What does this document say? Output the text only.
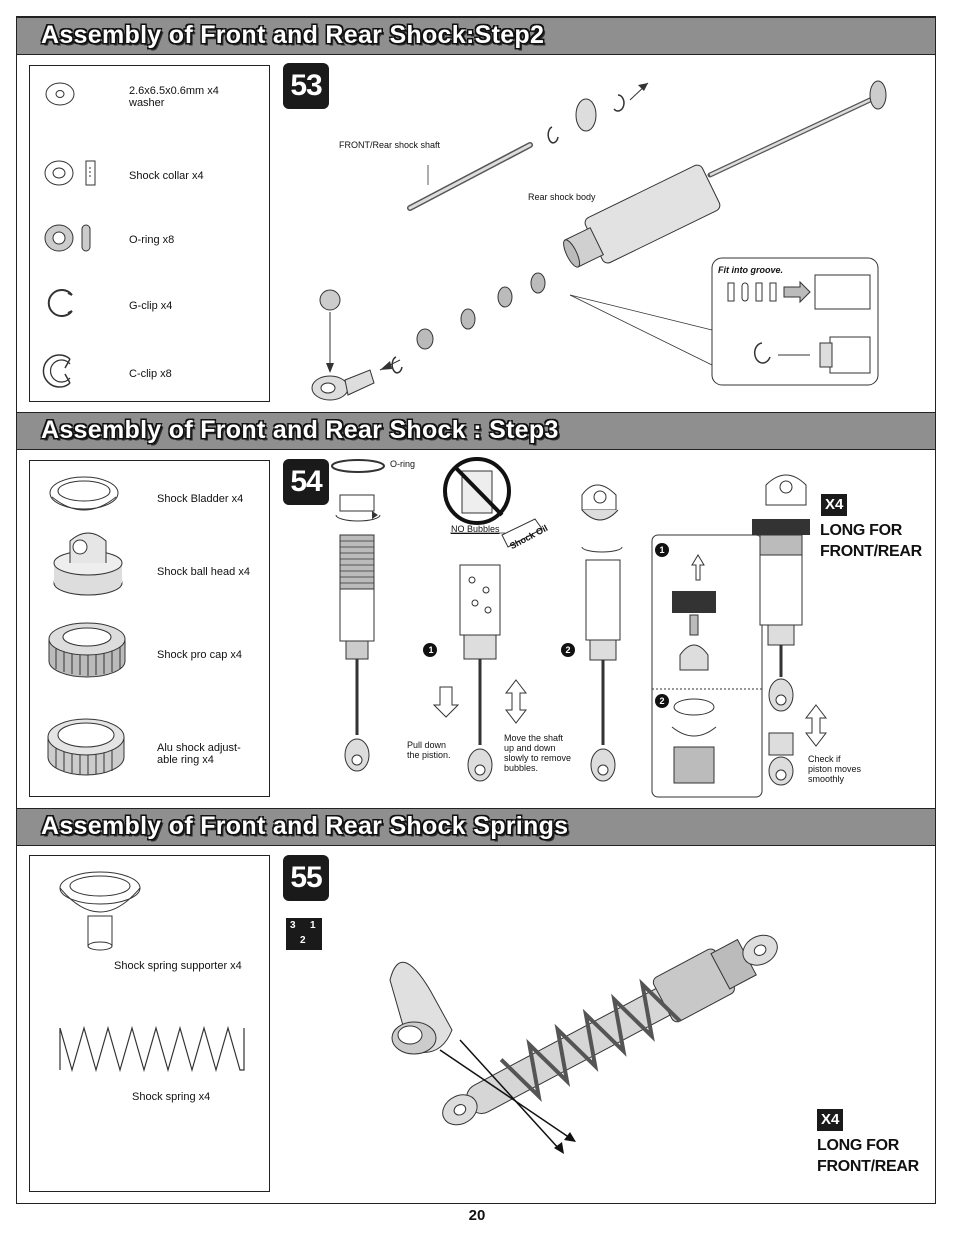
Assembly of Front and Rear Shock:Step2
2.6x6.5x0.6mm x4
washer
Shock collar x4
O-ring x8
G-clip x4
C-clip x8
53
FRONT/Rear shock shaft
Rear shock body
Fit into groove.
Assembly of Front and Rear Shock : Step3
Shock Bladder x4
Shock ball head x4
Shock pro cap x4
Alu shock adjust-
able ring x4
54
O-ring
NO Bubbles Shock Oil
1	2
1
2
Pull down
the pistion.
Move the shaft
up and down
slowly to remove
bubbles.
Check if
piston moves
smoothly
X4
LONG FOR
FRONT/REAR
Assembly of Front and Rear Shock Springs
Shock spring supporter x4
Shock spring x4
55
3 1
2
X4
LONG FOR
FRONT/REAR
20
